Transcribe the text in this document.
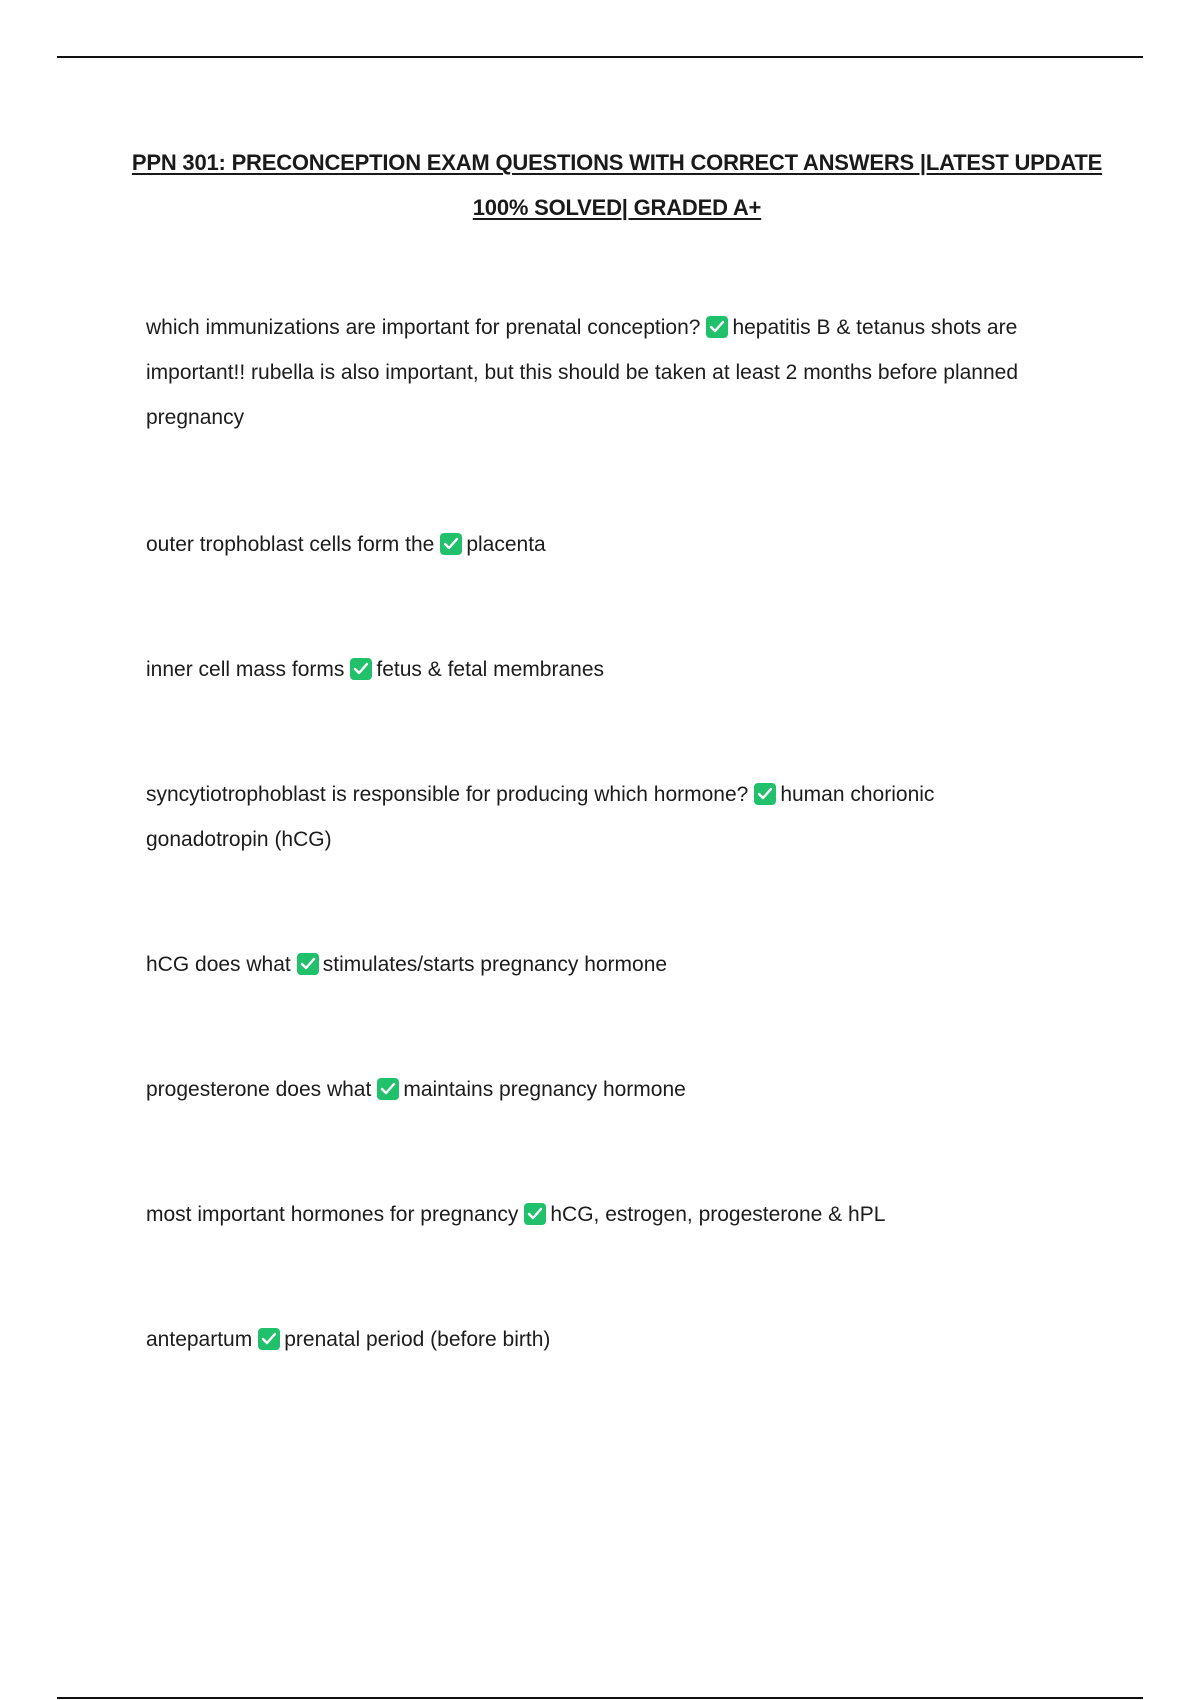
PPN 301: PRECONCEPTION EXAM QUESTIONS WITH CORRECT ANSWERS |LATEST UPDATE
100% SOLVED| GRADED A+
which immunizations are important for prenatal conception? hepatitis B & tetanus shots are important!! rubella is also important, but this should be taken at least 2 months before planned pregnancy
outer trophoblast cells form the placenta
inner cell mass forms fetus & fetal membranes
syncytiotrophoblast is responsible for producing which hormone? human chorionic gonadotropin (hCG)
hCG does what stimulates/starts pregnancy hormone
progesterone does what maintains pregnancy hormone
most important hormones for pregnancy hCG, estrogen, progesterone & hPL
antepartum prenatal period (before birth)
